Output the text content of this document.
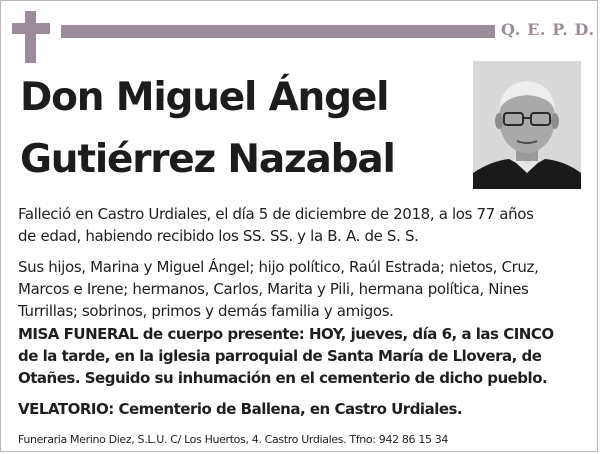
Q. E. P. D.
Don Miguel Ángel
Gutiérrez Nazabal
Falleció en Castro Urdiales, el día 5 de diciembre de 2018, a los 77 años
de edad, habiendo recibido los SS. SS. y la B. A. de S. S.
Sus hijos, Marina y Miguel Ángel; hijo político, Raúl Estrada; nietos, Cruz,
Marcos e Irene; hermanos, Carlos, Marita y Pili, hermana política, Nines
Turrillas; sobrinos, primos y demás familia y amigos.
MISA FUNERAL de cuerpo presente: HOY, jueves, día 6, a las CINCO
de la tarde, en la iglesia parroquial de Santa María de Llovera, de
Otañes. Seguido su inhumación en el cementerio de dicho pueblo.
VELATORIO: Cementerio de Ballena, en Castro Urdiales.
Funeraria Merino Diez, S.L.U. C/ Los Huertos, 4. Castro Urdiales. Tfno: 942 86 15 34
